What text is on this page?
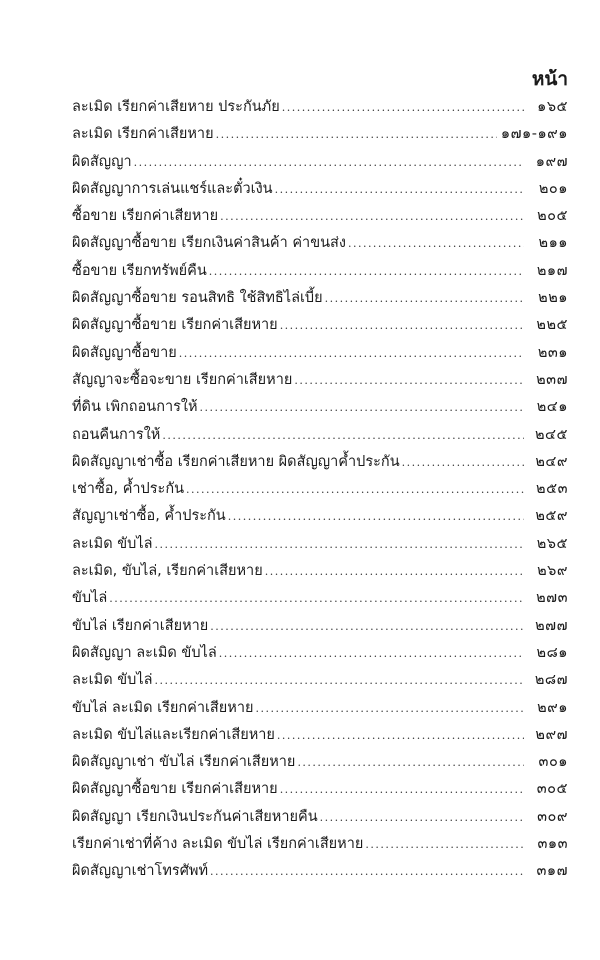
หน้า
ละเมิด เรียกค่าเสียหาย ประกันภัย .....	๑๖๕
ละเมิด เรียกค่าเสียหาย .....	๑๗๑-๑๙๑
ผิดสัญญา .....	๑๙๗
ผิดสัญญาการเล่นแชร์และตั๋วเงิน .....	๒๐๑
ซื้อขาย เรียกค่าเสียหาย .....	๒๐๕
ผิดสัญญาซื้อขาย เรียกเงินค่าสินค้า ค่าขนส่ง .....	๒๑๑
ซื้อขาย เรียกทรัพย์คืน .....	๒๑๗
ผิดสัญญาซื้อขาย รอนสิทธิ ใช้สิทธิไล่เบี้ย .....	๒๒๑
ผิดสัญญาซื้อขาย เรียกค่าเสียหาย .....	๒๒๕
ผิดสัญญาซื้อขาย .....	๒๓๑
สัญญาจะซื้อจะขาย เรียกค่าเสียหาย .....	๒๓๗
ที่ดิน เพิกถอนการให้ .....	๒๔๑
ถอนคืนการให้ .....	๒๔๕
ผิดสัญญาเช่าซื้อ เรียกค่าเสียหาย ผิดสัญญาค้ำประกัน .....	๒๔๙
เช่าซื้อ, ค้ำประกัน .....	๒๕๓
สัญญาเช่าซื้อ, ค้ำประกัน .....	๒๕๙
ละเมิด ขับไล่ .....	๒๖๕
ละเมิด, ขับไล่, เรียกค่าเสียหาย .....	๒๖๙
ขับไล่ .....	๒๗๓
ขับไล่ เรียกค่าเสียหาย .....	๒๗๗
ผิดสัญญา ละเมิด ขับไล่ .....	๒๘๑
ละเมิด ขับไล่ .....	๒๘๗
ขับไล่ ละเมิด เรียกค่าเสียหาย .....	๒๙๑
ละเมิด ขับไล่และเรียกค่าเสียหาย .....	๒๙๗
ผิดสัญญาเช่า ขับไล่ เรียกค่าเสียหาย .....	๓๐๑
ผิดสัญญาซื้อขาย เรียกค่าเสียหาย .....	๓๐๕
ผิดสัญญา เรียกเงินประกันค่าเสียหายคืน .....	๓๐๙
เรียกค่าเช่าที่ค้าง ละเมิด ขับไล่ เรียกค่าเสียหาย .....	๓๑๓
ผิดสัญญาเช่าโทรศัพท์ .....	๓๑๗
